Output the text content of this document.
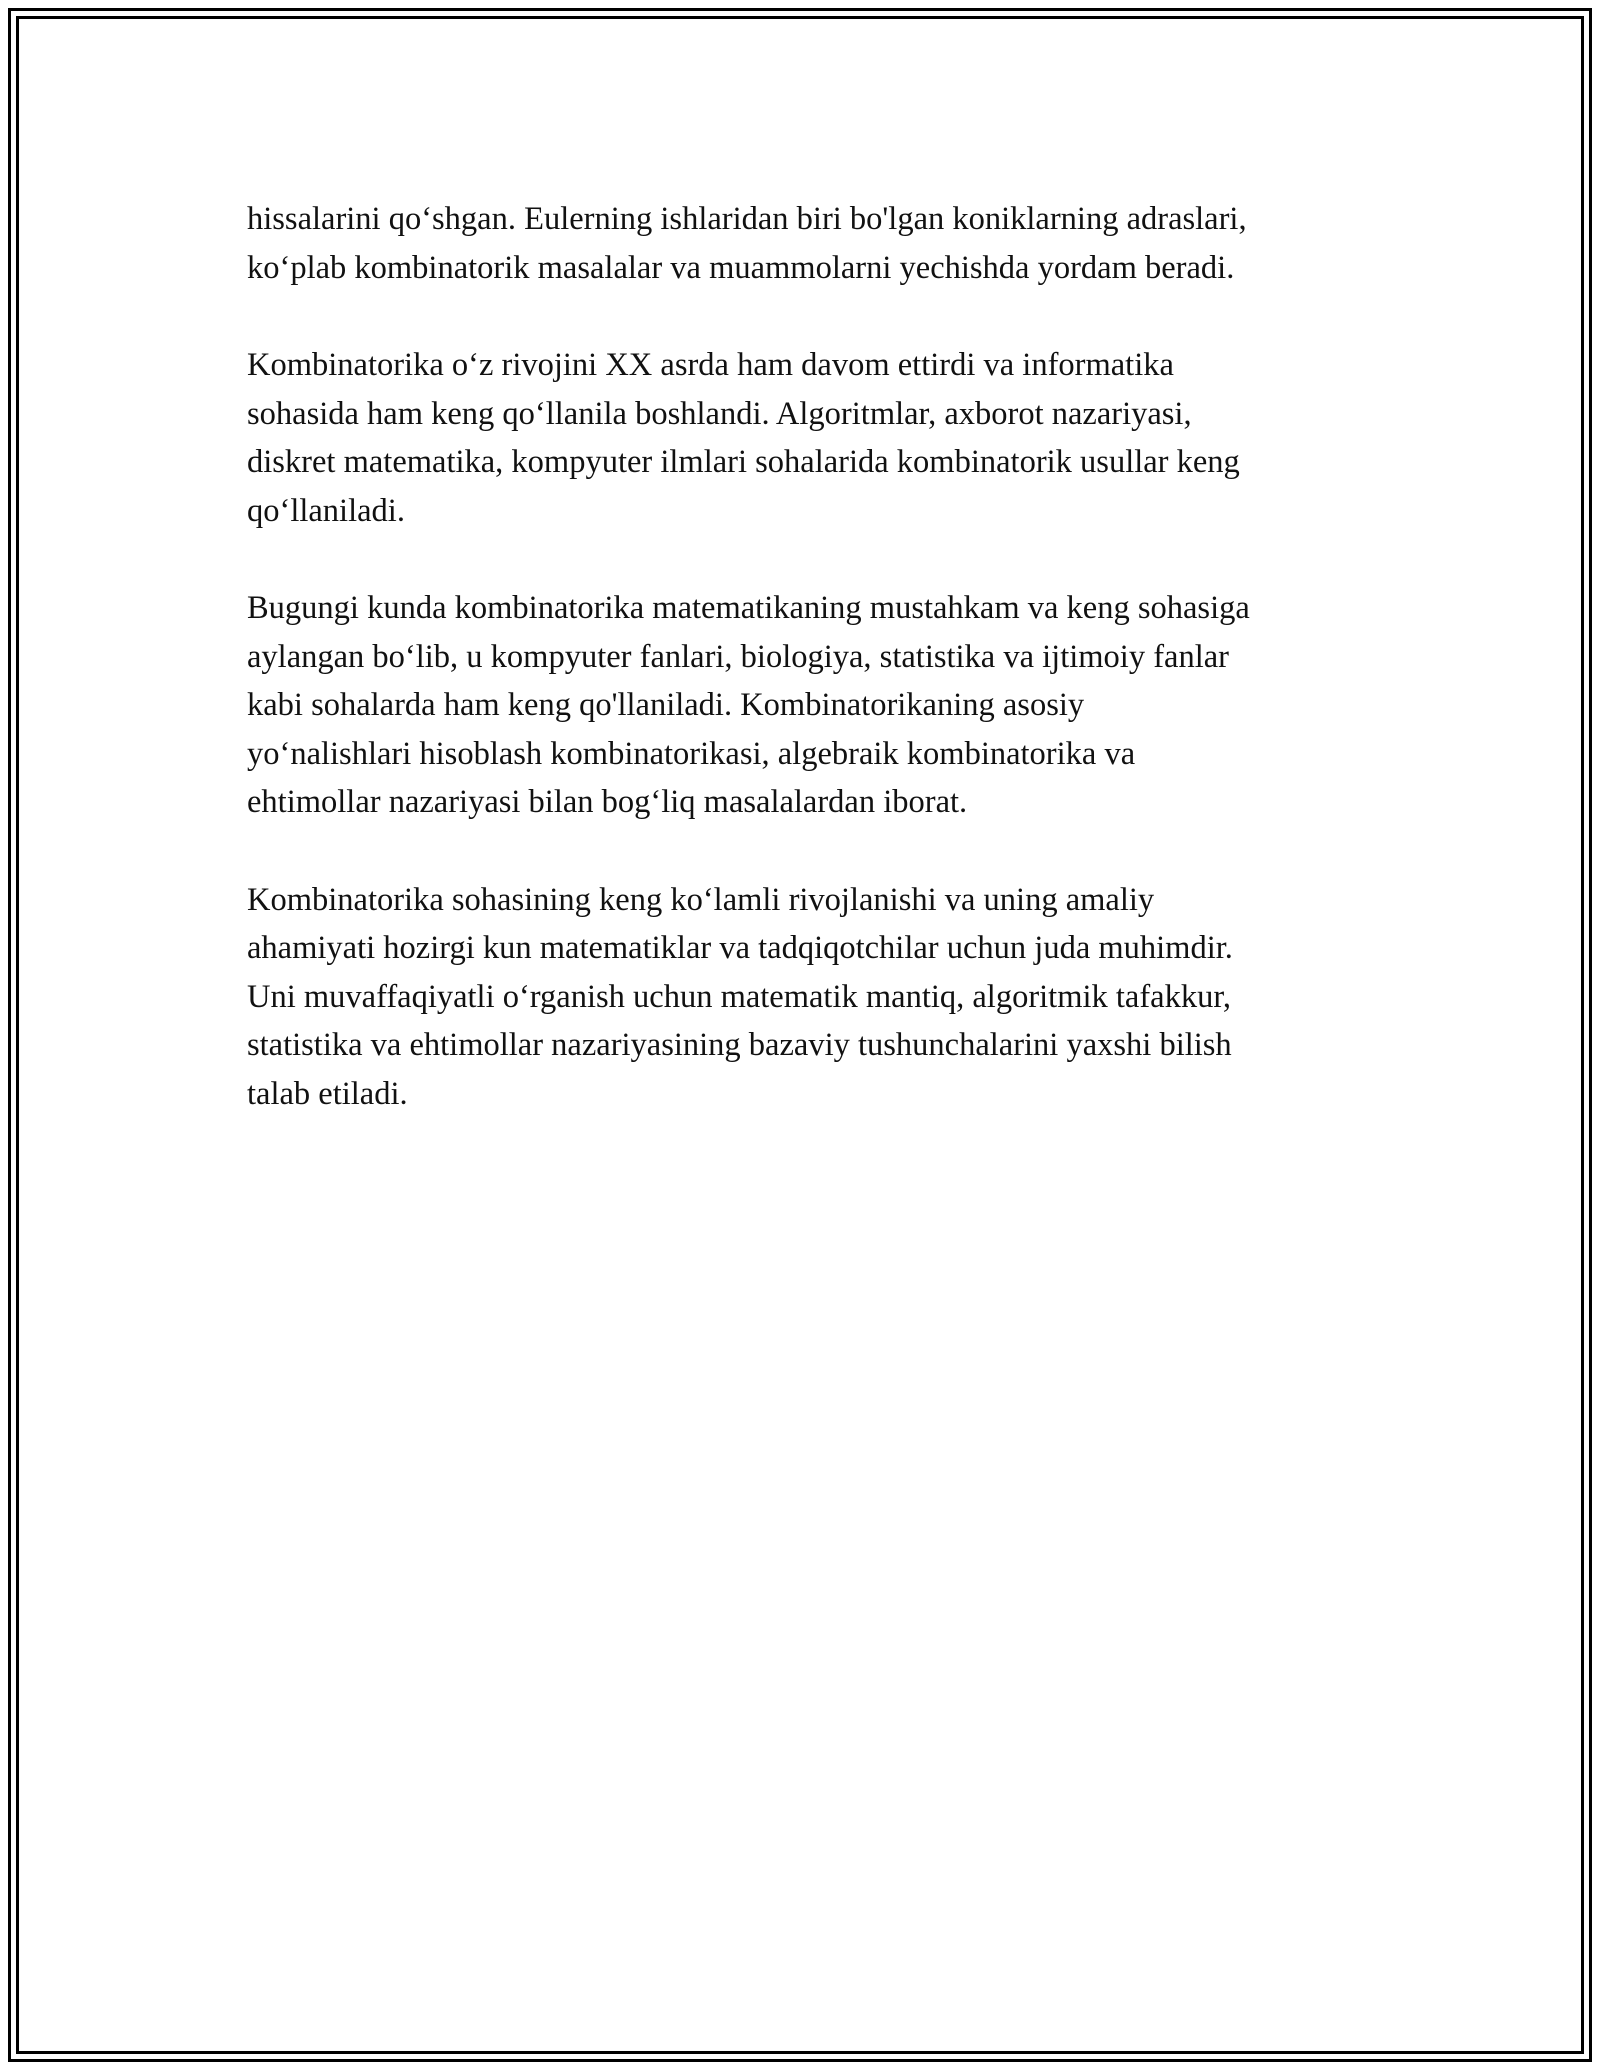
hissalarini qo‘shgan. Eulerning ishlaridan biri bo'lgan koniklarning adraslari,
ko‘plab kombinatorik masalalar va muammolarni yechishda yordam beradi.

Kombinatorika o‘z rivojini XX asrda ham davom ettirdi va informatika
sohasida ham keng qo‘llanila boshlandi. Algoritmlar, axborot nazariyasi,
diskret matematika, kompyuter ilmlari sohalarida kombinatorik usullar keng
qo‘llaniladi.

Bugungi kunda kombinatorika matematikaning mustahkam va keng sohasiga
aylangan bo‘lib, u kompyuter fanlari, biologiya, statistika va ijtimoiy fanlar
kabi sohalarda ham keng qo'llaniladi. Kombinatorikaning asosiy
yo‘nalishlari hisoblash kombinatorikasi, algebraik kombinatorika va
ehtimollar nazariyasi bilan bog‘liq masalalardan iborat.

Kombinatorika sohasining keng ko‘lamli rivojlanishi va uning amaliy
ahamiyati hozirgi kun matematiklar va tadqiqotchilar uchun juda muhimdir.
Uni muvaffaqiyatli o‘rganish uchun matematik mantiq, algoritmik tafakkur,
statistika va ehtimollar nazariyasining bazaviy tushunchalarini yaxshi bilish
talab etiladi.
